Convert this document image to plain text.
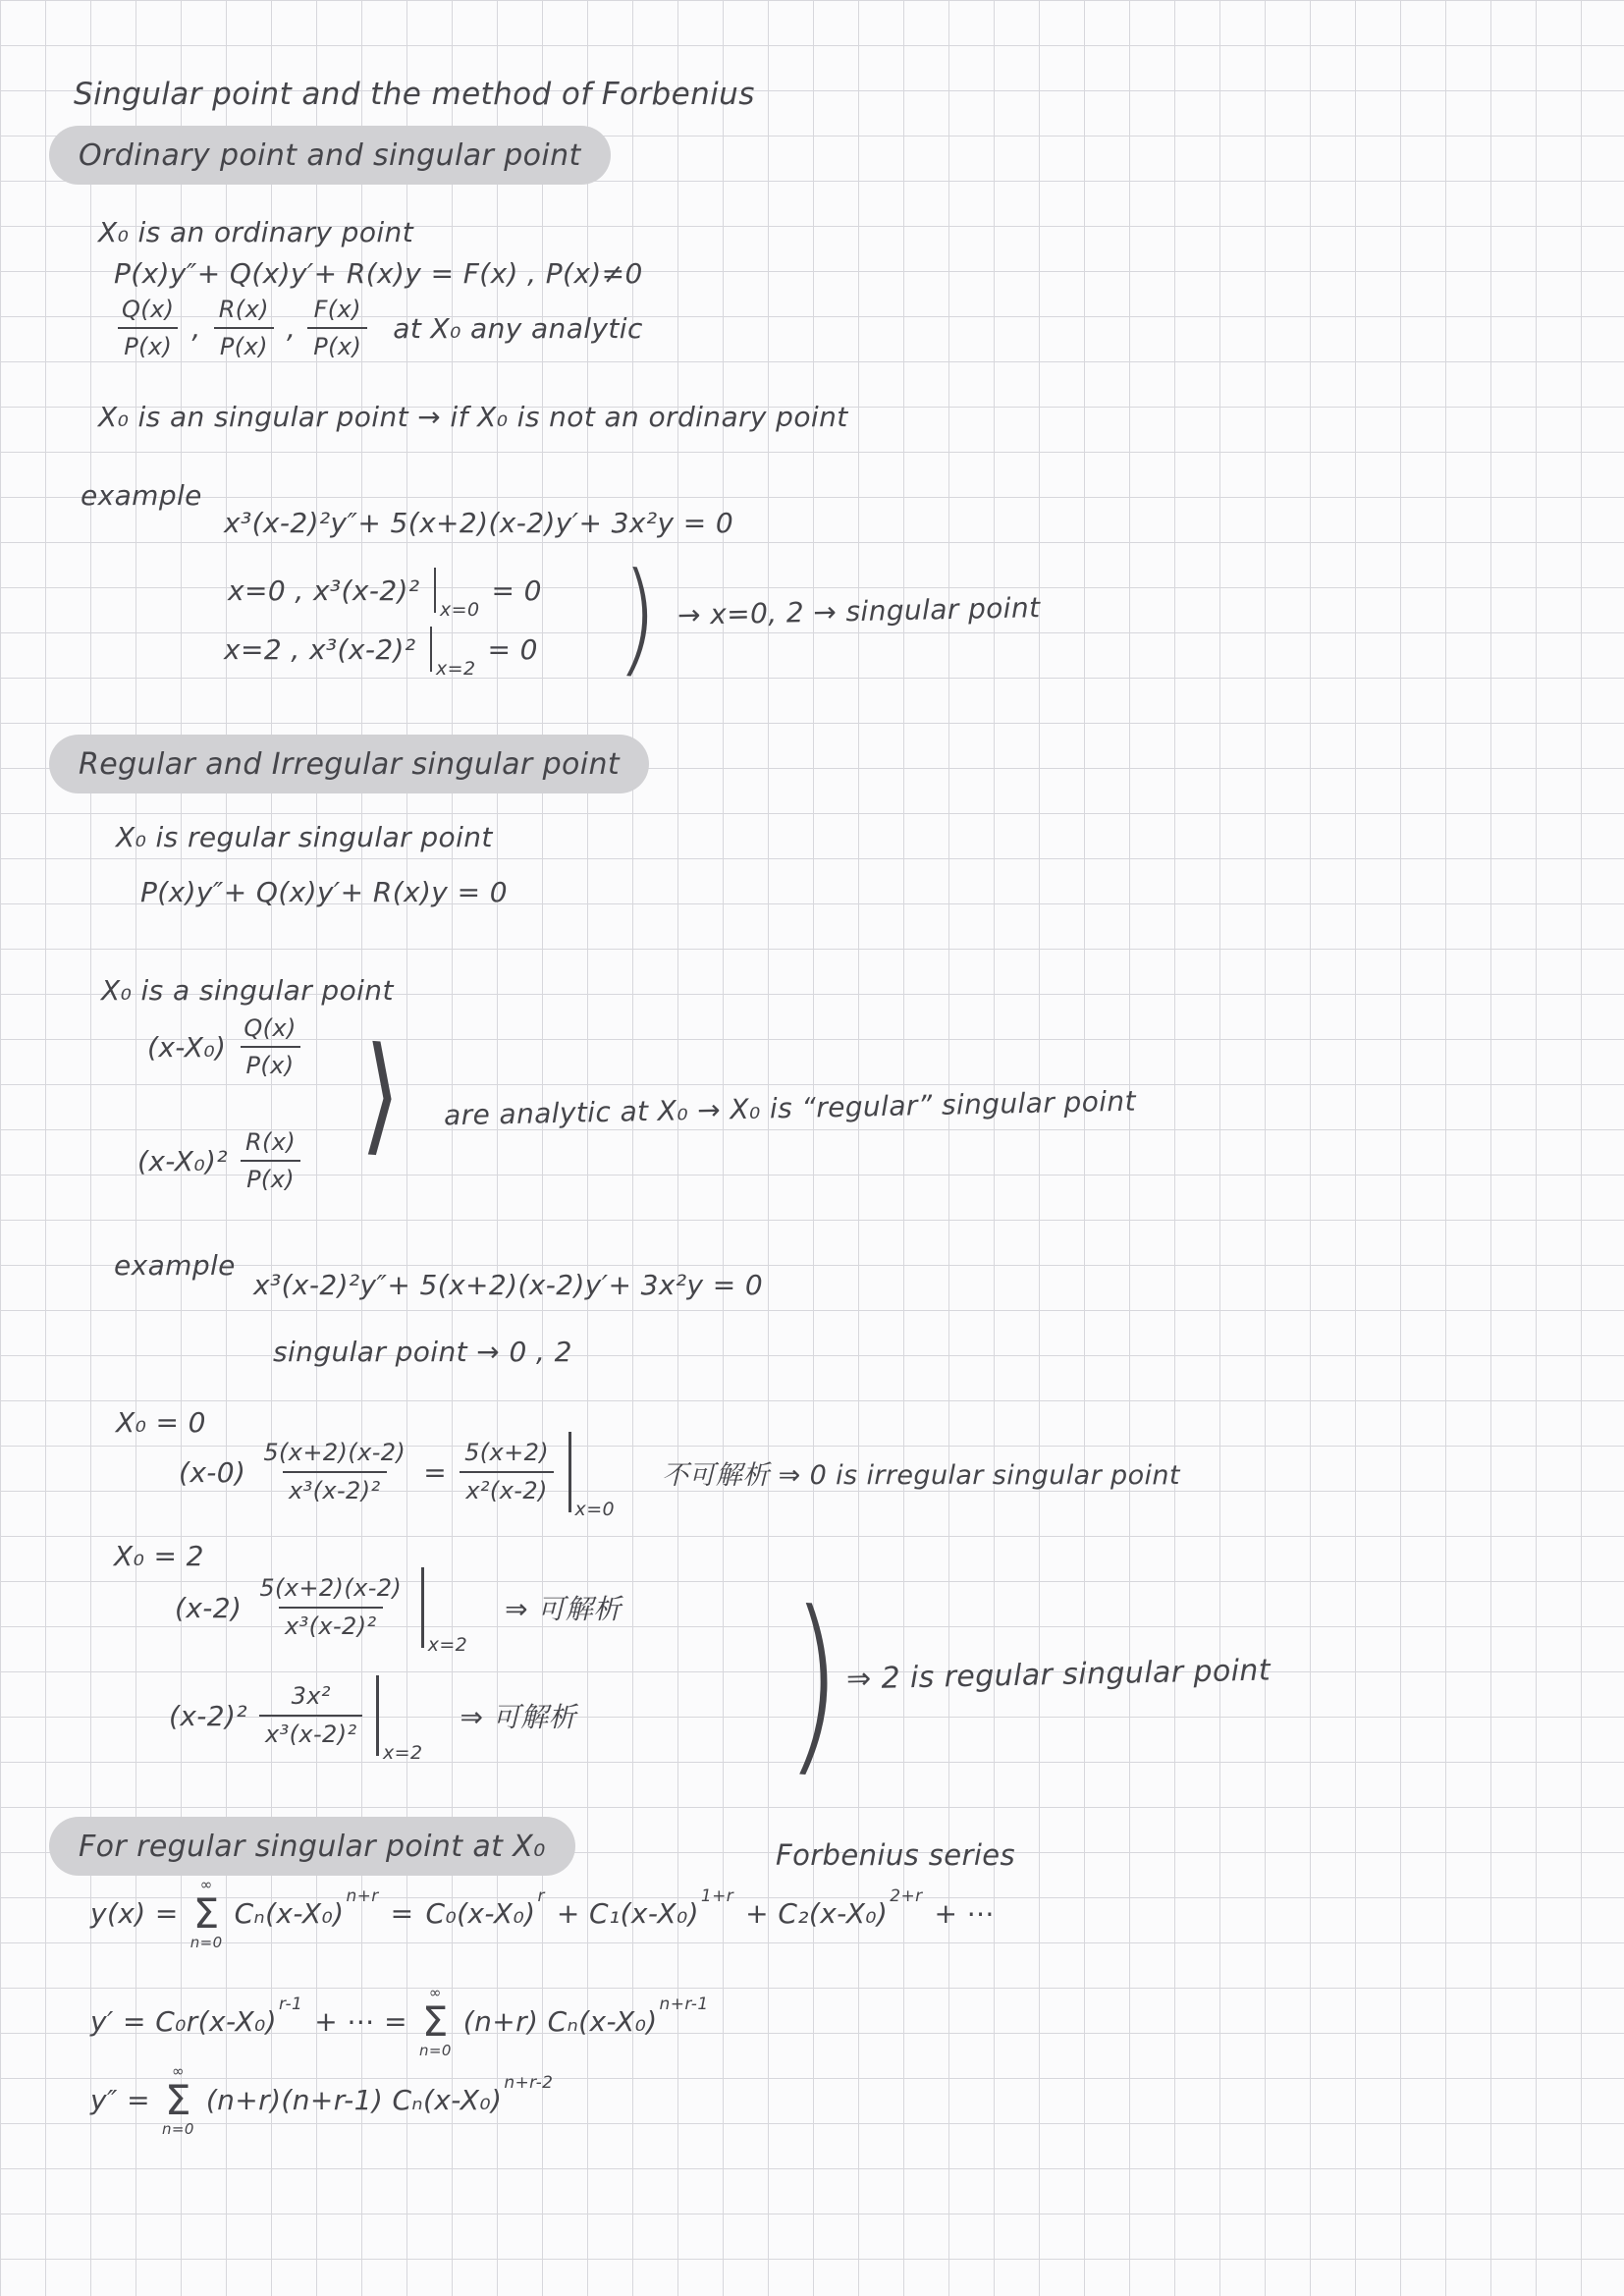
Singular point and the method of Forbenius
Ordinary point and singular point
X₀ is an ordinary point
P(x)y″+ Q(x)y′+ R(x)y = F(x) , P(x)≠0
$\frac{Q(x)}{P(x)}$ , $\frac{R(x)}{P(x)}$ , $\frac{F(x)}{P(x)}$ at X₀ any analytic
X₀ is an singular point → if X₀ is not an ordinary point
example
x³(x-2)²y″+ 5(x+2)(x-2)y′+ 3x²y = 0
x=0 , x³(x-2)²
x=0
= 0
x=2 , x³(x-2)²
x=2
= 0 ) → x=0, 2 → singular point
Regular and Irregular singular point
X₀ is regular singular point
P(x)y″+ Q(x)y′+ R(x)y = 0
X₀ is a singular point
$(x-X_0) \frac{Q(x)}{P(x)}$
$(x-X_0)^2 \frac{R(x)}{P(x)}$ ⟩ are analytic at X₀ → X₀ is “regular” singular point
example
x³(x-2)²y″+ 5(x+2)(x-2)y′+ 3x²y = 0
singular point → 0 , 2
X₀ = 0
$(x-0) \frac{5(x+2)(x-2)}{\text{x³(x-2)²}} = \frac{5(x+2)}{\text{x²(x-2)}}$
x=0
不可解析 ⇒ 0 is irregular singular point
X₀ = 2
$(x-2) \frac{5(x+2)(x-2)}{\text{x³(x-2)²}}$
x=2
⇒ 可解析
$(x-2)^2 \frac{\text{3x²}}{\text{x³(x-2)²}}$
x=2
⇒ 可解析 ) ⇒ 2 is regular singular point
For regular singular point at X₀	Forbenius series
y(x) =
∞
Σ
n=0
$C_n(x-X_0)^{n+r}$
= $C_0(x-X_0)^r$
+ $C_1(x-X_0)^{1+r}$
+ $C_2(x-X_0)^{2+r}$
+ ⋯
$y' = C_0r(x-X_0)^{r-1}$
+ ⋯ =
∞
Σ
n=0
(n+r) $C_n(x-X_0)^{n+r-1}$
y″ =
∞
Σ
n=0
(n+r)(n+r-1) $C_n(x-X_0)^{n+r-2}$
